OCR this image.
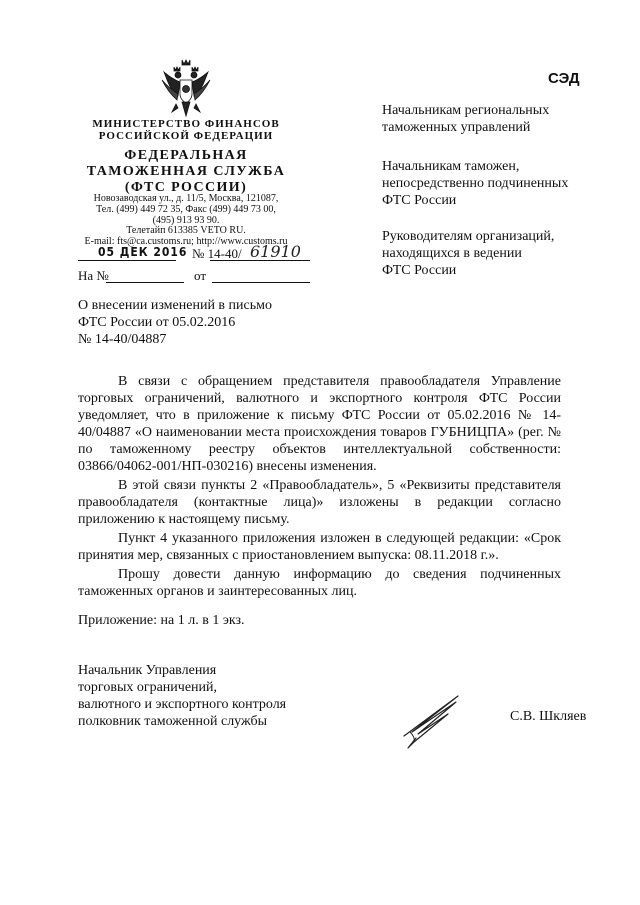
МИНИСТЕРСТВО ФИНАНСОВ
РОССИЙСКОЙ ФЕДЕРАЦИИ
ФЕДЕРАЛЬНАЯ
ТАМОЖЕННАЯ СЛУЖБА
(ФТС РОССИИ)
Новозаводская ул., д. 11/5, Москва, 121087,
Тел. (499) 449 72 35, Факс (499) 449 73 00,
(495) 913 93 90.
Телетайп 613385 VETO RU.
E-mail: fts@ca.customs.ru; http://www.customs.ru
05 ДЕК 2016 № 14-40/ 61910
На №	от
СЭД
Начальникам региональных
таможенных управлений
Начальникам таможен,
непосредственно подчиненных
ФТС России
Руководителям организаций,
находящихся в ведении
ФТС России
О внесении изменений в письмо
ФТС России от 05.02.2016
№ 14-40/04887

В связи с обращением представителя правообладателя Управление торговых ограничений, валютного и экспортного контроля ФТС России уведомляет, что в приложение к письму ФТС России от 05.02.2016 № 14-40/04887 «О наименовании места происхождения товаров ГУБНИЦПА» (рег. № по таможенному реестру объектов интеллектуальной собственности: 03866/04062-001/НП-030216) внесены изменения.

В этой связи пункты 2 «Правообладатель», 5 «Реквизиты представителя правообладателя (контактные лица)» изложены в редакции согласно приложению к настоящему письму.

Пункт 4 указанного приложения изложен в следующей редакции: «Срок принятия мер, связанных с приостановлением выпуска: 08.11.2018 г.».

Прошу довести данную информацию до сведения подчиненных таможенных органов и заинтересованных лиц.

Приложение: на 1 л. в 1 экз.
Начальник Управления
торговых ограничений,
валютного и экспортного контроля
полковник таможенной службы	С.В. Шкляев
